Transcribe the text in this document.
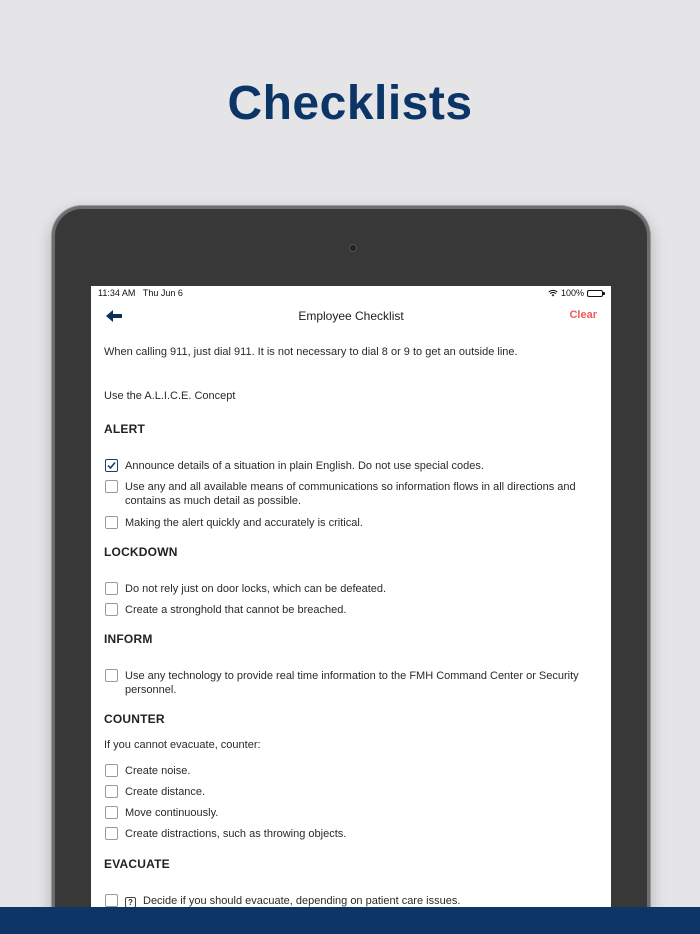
Checklists
11:34 AM Thu Jun 6	100%
Employee Checklist	Clear
When calling 911, just dial 911. It is not necessary to dial 8 or 9 to get an outside line.
Use the A.L.I.C.E. Concept
ALERT
Announce details of a situation in plain English. Do not use special codes.
Use any and all available means of communications so information flows in all directions and contains as much detail as possible.
Making the alert quickly and accurately is critical.
LOCKDOWN
Do not rely just on door locks, which can be defeated.
Create a stronghold that cannot be breached.
INFORM
Use any technology to provide real time information to the FMH Command Center or Security personnel.
COUNTER
If you cannot evacuate, counter:
Create noise.
Create distance.
Move continuously.
Create distractions, such as throwing objects.
EVACUATE
? Decide if you should evacuate, depending on patient care issues.
